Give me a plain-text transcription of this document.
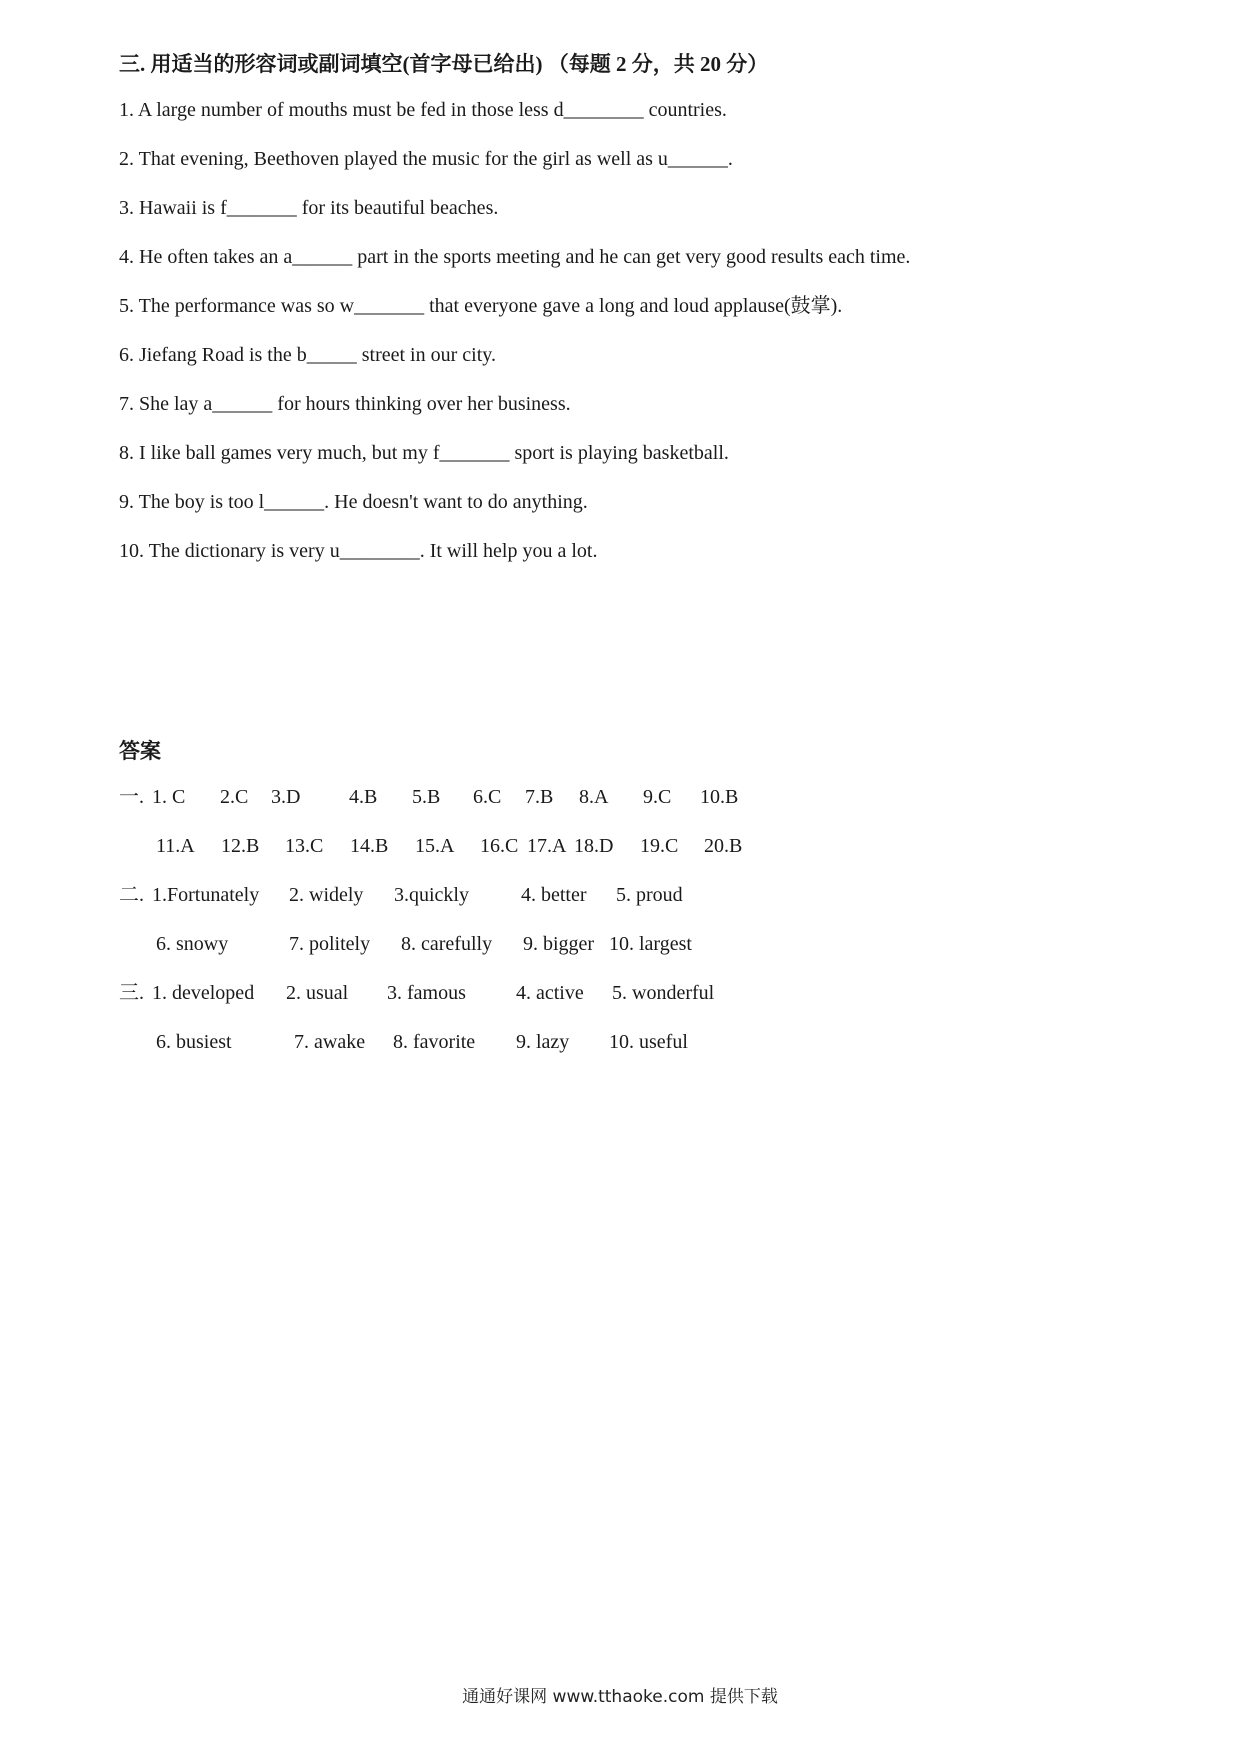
三. 用适当的形容词或副词填空(首字母已给出) （每题 2 分，共 20 分）
1. A large number of mouths must be fed in those less d________ countries.
2. That evening, Beethoven played the music for the girl as well as u______.
3. Hawaii is f_______ for its beautiful beaches.
4. He often takes an a______ part in the sports meeting and he can get very good results each time.
5. The performance was so w_______ that everyone gave a long and loud applause(鼓掌).
6. Jiefang Road is the b_____ street in our city.
7. She lay a______ for hours thinking over her business.
8. I like ball games very much, but my f_______ sport is playing basketball.
9. The boy is too l______. He doesn't want to do anything.
10. The dictionary is very u________. It will help you a lot.
答案
一. 1. C 2.C 3.D 4.B 5.B 6.C 7.B 8.A 9.C 10.B
11.A 12.B 13.C 14.B 15.A 16.C 17.A 18.D 19.C 20.B
二. 1.Fortunately 2. widely 3.quickly	4. better 5. proud
6. snowy	7. politely 8. carefully 9. bigger 10. largest
三. 1. developed 2. usual 3. famous	4. active 5. wonderful
6. busiest	7. awake 8. favorite 9. lazy 10. useful
通通好课网 www.tthaoke.com 提供下载
